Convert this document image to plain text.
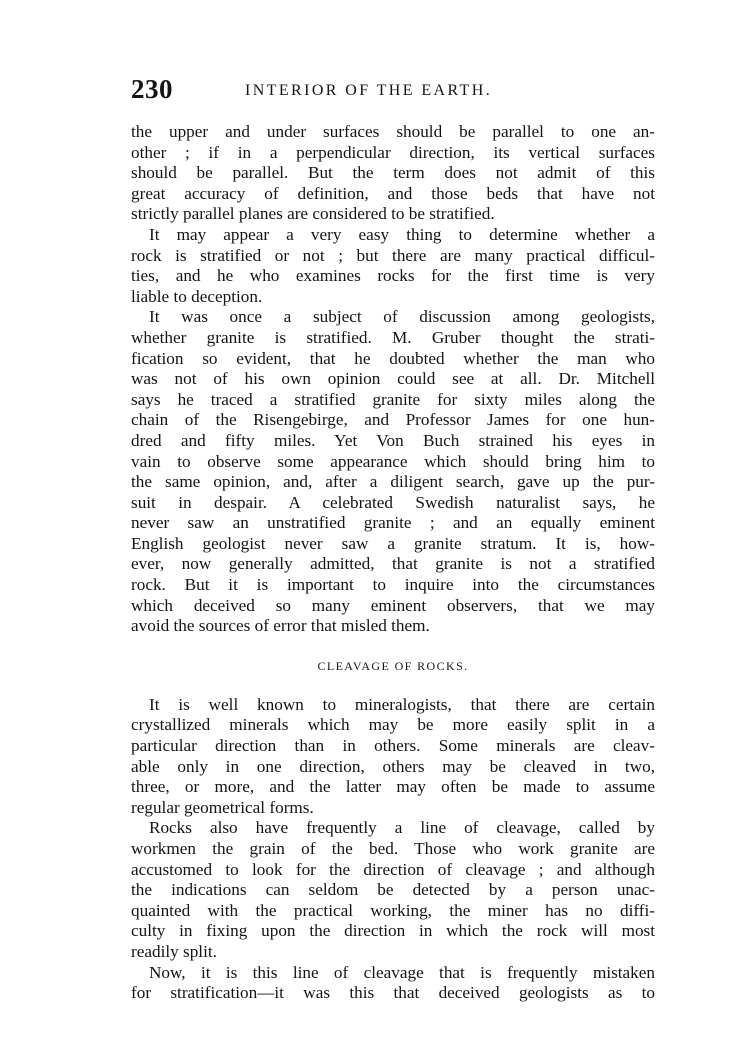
230	INTERIOR OF THE EARTH.
the upper and under surfaces should be parallel to one an-
other ; if in a perpendicular direction, its vertical surfaces
should be parallel. But the term does not admit of this
great accuracy of definition, and those beds that have not
strictly parallel planes are considered to be stratified.
It may appear a very easy thing to determine whether a
rock is stratified or not ; but there are many practical difficul-
ties, and he who examines rocks for the first time is very
liable to deception.
It was once a subject of discussion among geologists,
whether granite is stratified. M. Gruber thought the strati-
fication so evident, that he doubted whether the man who
was not of his own opinion could see at all. Dr. Mitchell
says he traced a stratified granite for sixty miles along the
chain of the Risengebirge, and Professor James for one hun-
dred and fifty miles. Yet Von Buch strained his eyes in
vain to observe some appearance which should bring him to
the same opinion, and, after a diligent search, gave up the pur-
suit in despair. A celebrated Swedish naturalist says, he
never saw an unstratified granite ; and an equally eminent
English geologist never saw a granite stratum. It is, how-
ever, now generally admitted, that granite is not a stratified
rock. But it is important to inquire into the circumstances
which deceived so many eminent observers, that we may
avoid the sources of error that misled them.
CLEAVAGE OF ROCKS.
It is well known to mineralogists, that there are certain
crystallized minerals which may be more easily split in a
particular direction than in others. Some minerals are cleav-
able only in one direction, others may be cleaved in two,
three, or more, and the latter may often be made to assume
regular geometrical forms.
Rocks also have frequently a line of cleavage, called by
workmen the grain of the bed. Those who work granite are
accustomed to look for the direction of cleavage ; and although
the indications can seldom be detected by a person unac-
quainted with the practical working, the miner has no diffi-
culty in fixing upon the direction in which the rock will most
readily split.
Now, it is this line of cleavage that is frequently mistaken
for stratification—it was this that deceived geologists as to
